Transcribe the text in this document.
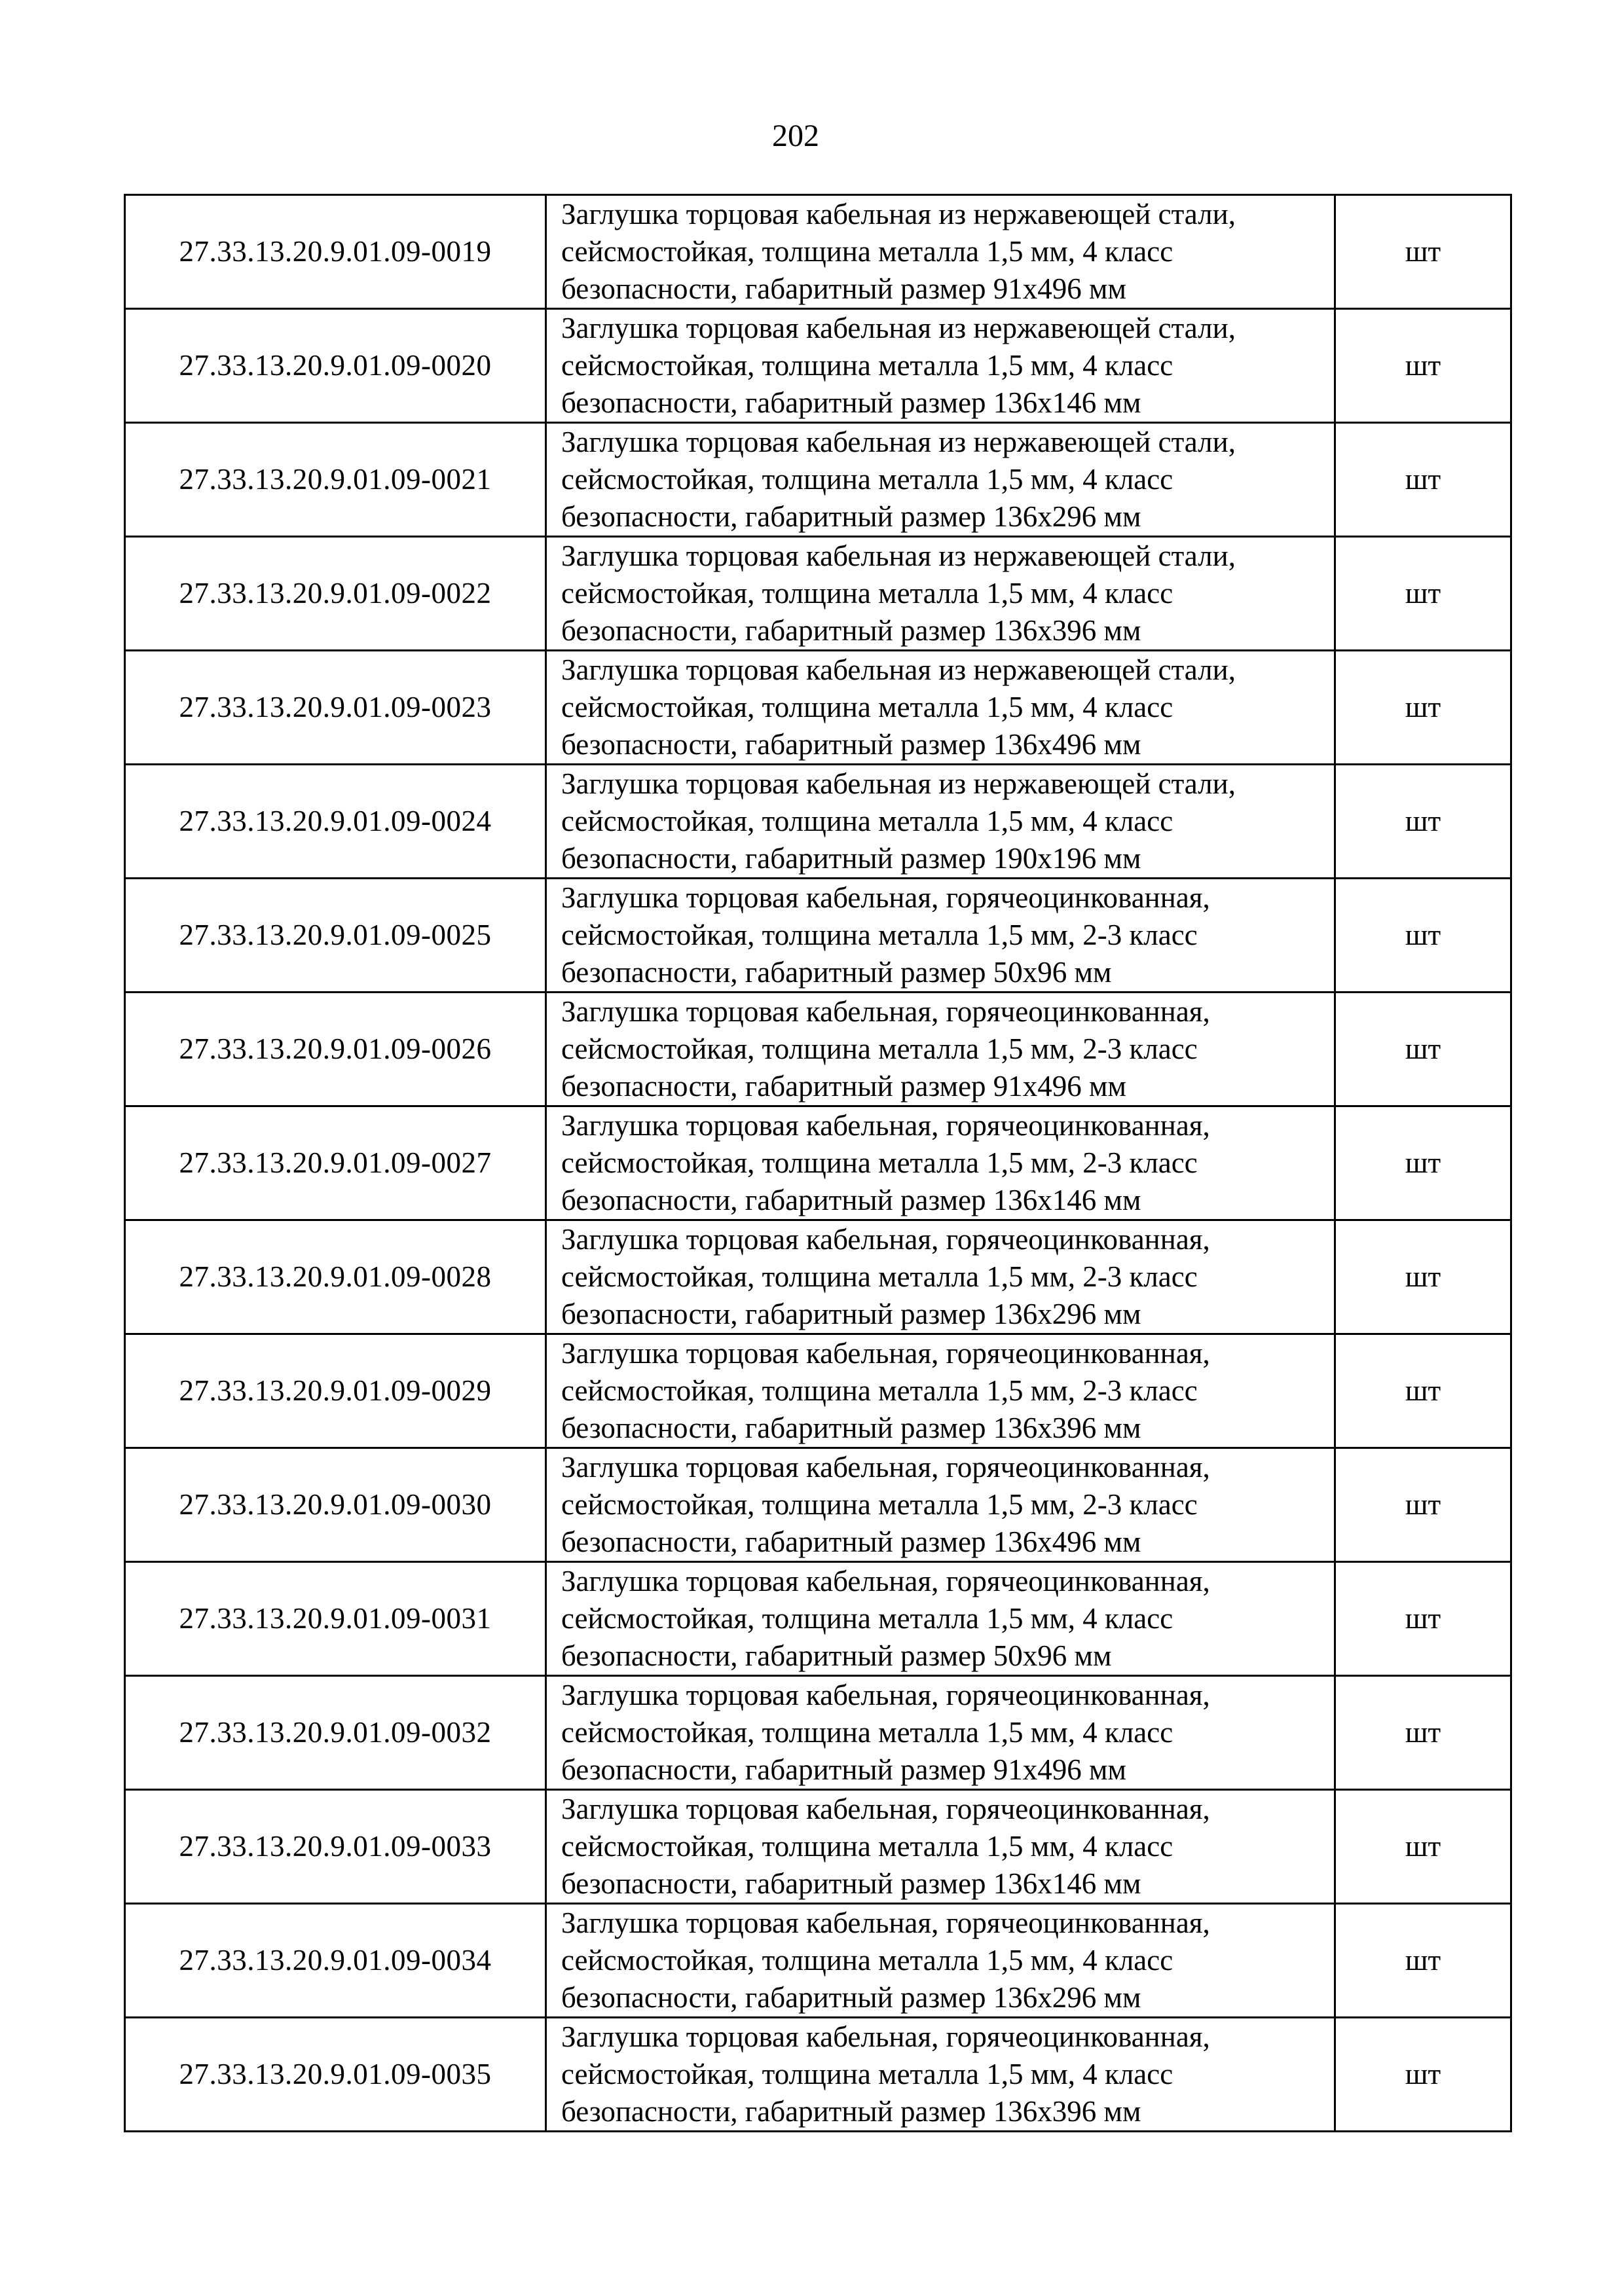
202
27.33.13.20.9.01.09-0019	Заглушка торцовая кабельная из нержавеющей стали, сейсмостойкая, толщина металла 1,5 мм, 4 класс безопасности, габаритный размер 91х496 мм	шт
27.33.13.20.9.01.09-0020	Заглушка торцовая кабельная из нержавеющей стали, сейсмостойкая, толщина металла 1,5 мм, 4 класс безопасности, габаритный размер 136х146 мм	шт
27.33.13.20.9.01.09-0021	Заглушка торцовая кабельная из нержавеющей стали, сейсмостойкая, толщина металла 1,5 мм, 4 класс безопасности, габаритный размер 136х296 мм	шт
27.33.13.20.9.01.09-0022	Заглушка торцовая кабельная из нержавеющей стали, сейсмостойкая, толщина металла 1,5 мм, 4 класс безопасности, габаритный размер 136х396 мм	шт
27.33.13.20.9.01.09-0023	Заглушка торцовая кабельная из нержавеющей стали, сейсмостойкая, толщина металла 1,5 мм, 4 класс безопасности, габаритный размер 136х496 мм	шт
27.33.13.20.9.01.09-0024	Заглушка торцовая кабельная из нержавеющей стали, сейсмостойкая, толщина металла 1,5 мм, 4 класс безопасности, габаритный размер 190х196 мм	шт
27.33.13.20.9.01.09-0025	Заглушка торцовая кабельная, горячеоцинкованная, сейсмостойкая, толщина металла 1,5 мм, 2-3 класс безопасности, габаритный размер 50х96 мм	шт
27.33.13.20.9.01.09-0026	Заглушка торцовая кабельная, горячеоцинкованная, сейсмостойкая, толщина металла 1,5 мм, 2-3 класс безопасности, габаритный размер 91х496 мм	шт
27.33.13.20.9.01.09-0027	Заглушка торцовая кабельная, горячеоцинкованная, сейсмостойкая, толщина металла 1,5 мм, 2-3 класс безопасности, габаритный размер 136х146 мм	шт
27.33.13.20.9.01.09-0028	Заглушка торцовая кабельная, горячеоцинкованная, сейсмостойкая, толщина металла 1,5 мм, 2-3 класс безопасности, габаритный размер 136х296 мм	шт
27.33.13.20.9.01.09-0029	Заглушка торцовая кабельная, горячеоцинкованная, сейсмостойкая, толщина металла 1,5 мм, 2-3 класс безопасности, габаритный размер 136х396 мм	шт
27.33.13.20.9.01.09-0030	Заглушка торцовая кабельная, горячеоцинкованная, сейсмостойкая, толщина металла 1,5 мм, 2-3 класс безопасности, габаритный размер 136х496 мм	шт
27.33.13.20.9.01.09-0031	Заглушка торцовая кабельная, горячеоцинкованная, сейсмостойкая, толщина металла 1,5 мм, 4 класс безопасности, габаритный размер 50х96 мм	шт
27.33.13.20.9.01.09-0032	Заглушка торцовая кабельная, горячеоцинкованная, сейсмостойкая, толщина металла 1,5 мм, 4 класс безопасности, габаритный размер 91х496 мм	шт
27.33.13.20.9.01.09-0033	Заглушка торцовая кабельная, горячеоцинкованная, сейсмостойкая, толщина металла 1,5 мм, 4 класс безопасности, габаритный размер 136х146 мм	шт
27.33.13.20.9.01.09-0034	Заглушка торцовая кабельная, горячеоцинкованная, сейсмостойкая, толщина металла 1,5 мм, 4 класс безопасности, габаритный размер 136х296 мм	шт
27.33.13.20.9.01.09-0035	Заглушка торцовая кабельная, горячеоцинкованная, сейсмостойкая, толщина металла 1,5 мм, 4 класс безопасности, габаритный размер 136х396 мм	шт
